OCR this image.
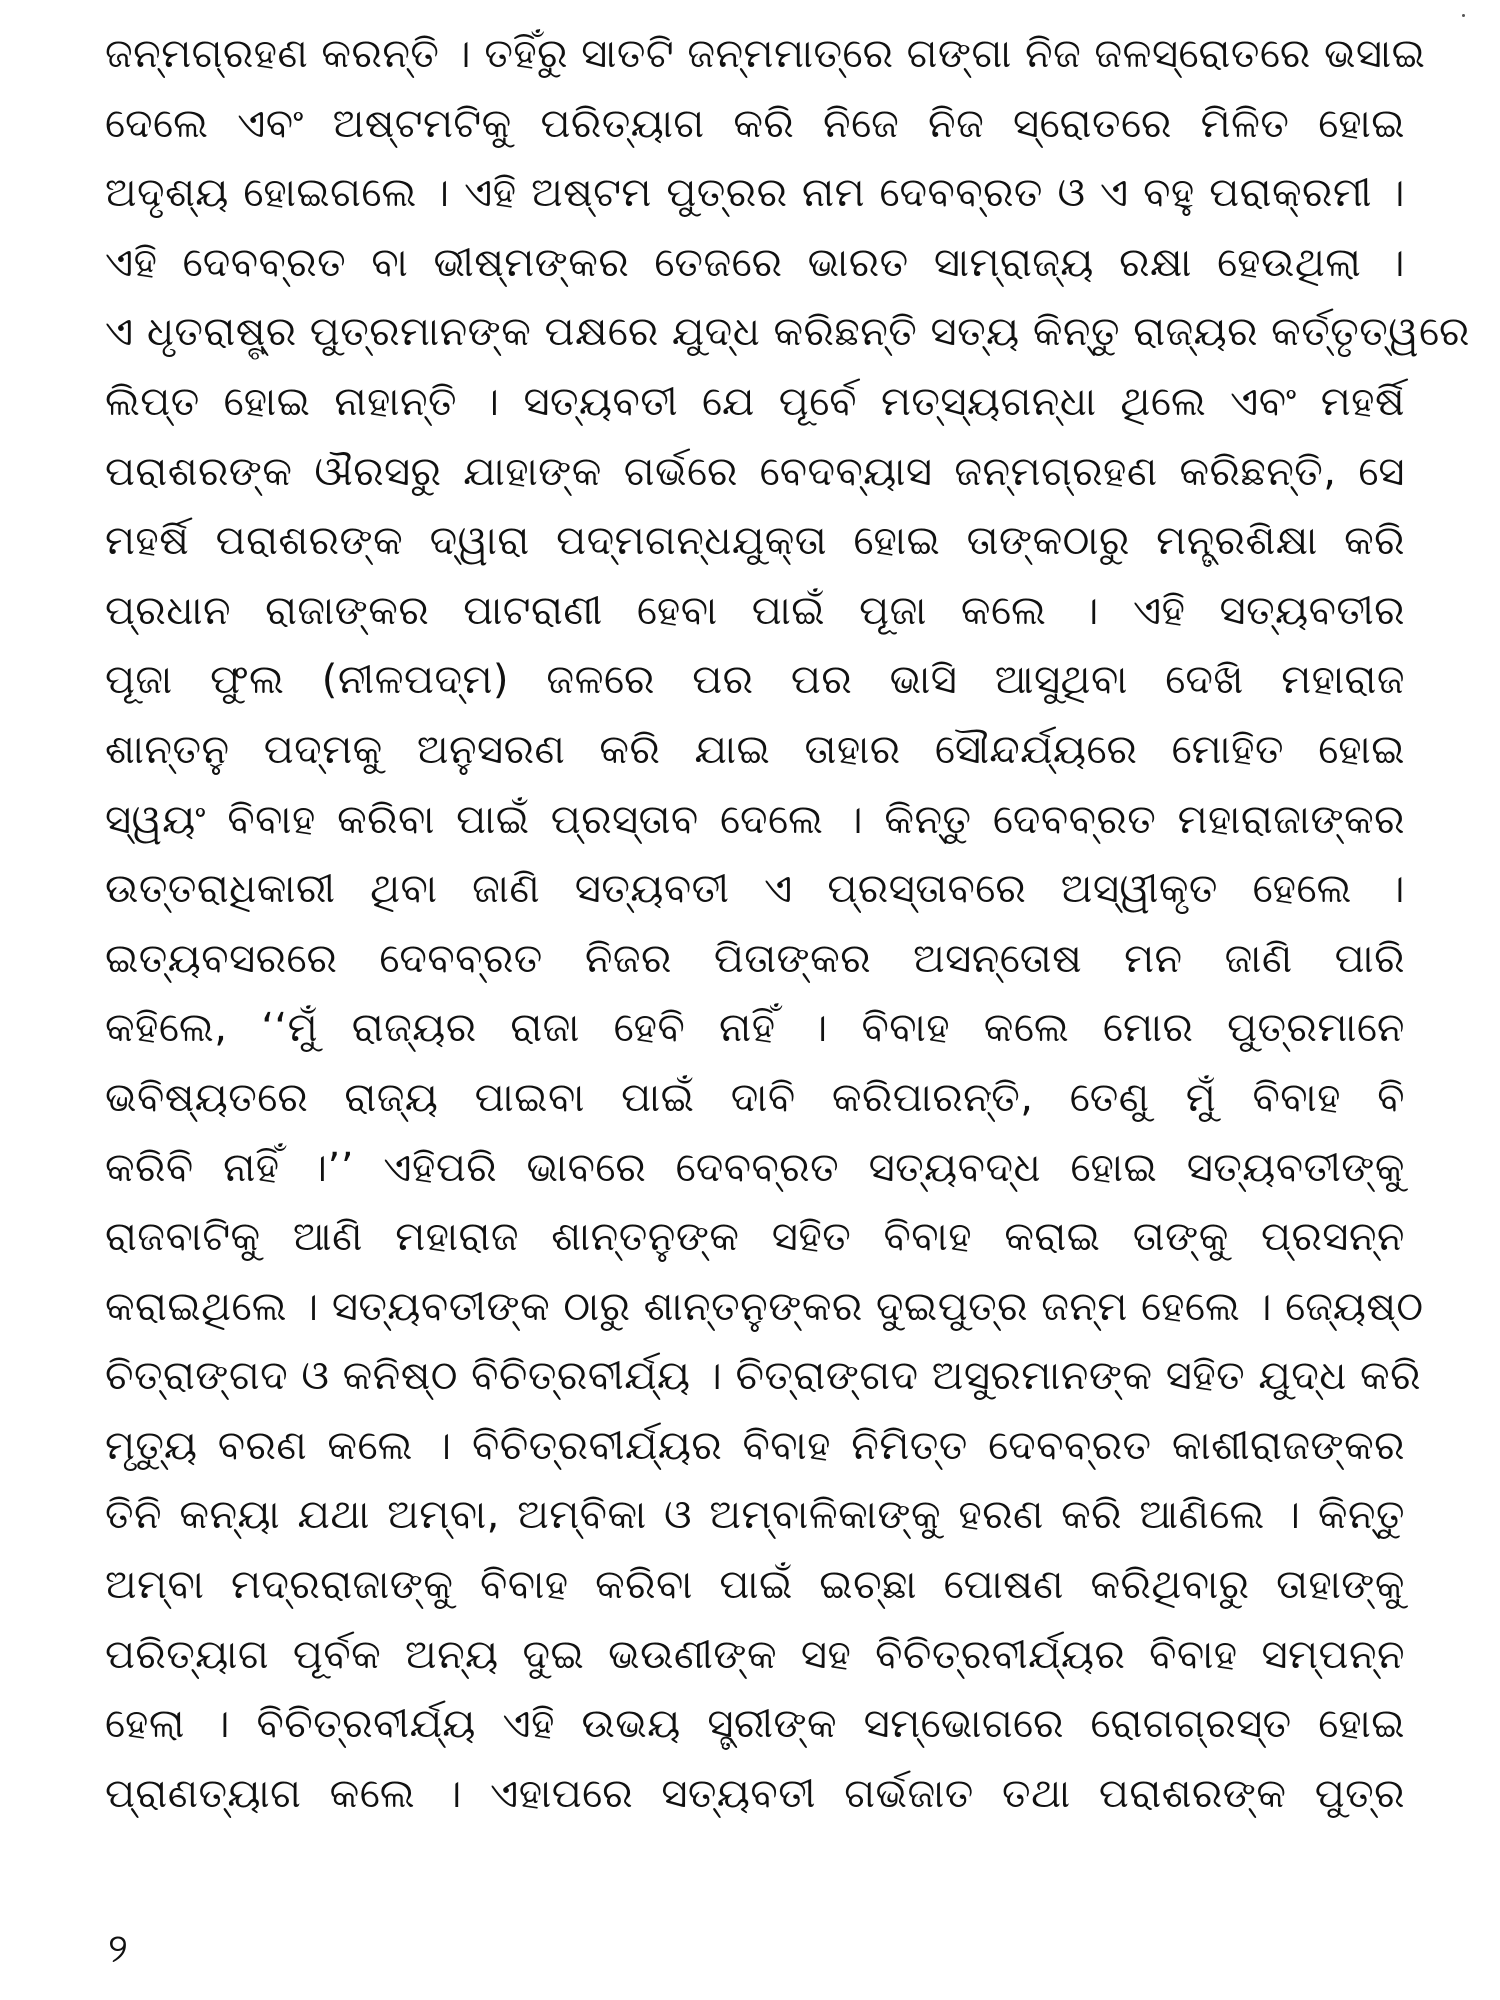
ଜନ୍ମଗ୍ରହଣ କରନ୍ତି । ତହିଁରୁ ସାତଟି ଜନ୍ମମାତ୍ରେ ଗଙ୍ଗା ନିଜ ଜଳସ୍ରୋତରେ ଭସାଇ
ଦେଲେ ଏବଂ ଅଷ୍ଟମଟିକୁ ପରିତ୍ୟାଗ କରି ନିଜେ ନିଜ ସ୍ରୋତରେ ମିଳିତ ହୋଇ
ଅଦୃଶ୍ୟ ହୋଇଗଲେ । ଏହି ଅଷ୍ଟମ ପୁତ୍ରର ନାମ ଦେବବ୍ରତ ଓ ଏ ବହୁ ପରାକ୍ରମୀ ।
ଏହି ଦେବବ୍ରତ ବା ଭୀଷ୍ମଙ୍କର ତେଜରେ ଭାରତ ସାମ୍ରାଜ୍ୟ ରକ୍ଷା ହେଉଥିଲା ।
ଏ ଧୃତରାଷ୍ଟ୍ର ପୁତ୍ରମାନଙ୍କ ପକ୍ଷରେ ଯୁଦ୍ଧ କରିଛନ୍ତି ସତ୍ୟ କିନ୍ତୁ ରାଜ୍ୟର କର୍ତ୍ତୃତ୍ୱରେ
ଲିପ୍ତ ହୋଇ ନାହାନ୍ତି । ସତ୍ୟବତୀ ଯେ ପୂର୍ବେ ମତ୍ସ୍ୟଗନ୍ଧା ଥିଲେ ଏବଂ ମହର୍ଷି
ପରାଶରଙ୍କ ଔରସରୁ ଯାହାଙ୍କ ଗର୍ଭରେ ବେଦବ୍ୟାସ ଜନ୍ମଗ୍ରହଣ କରିଛନ୍ତି, ସେ
ମହର୍ଷି ପରାଶରଙ୍କ ଦ୍ୱାରା ପଦ୍ମଗନ୍ଧଯୁକ୍ତା ହୋଇ ତାଙ୍କଠାରୁ ମନ୍ତ୍ରଶିକ୍ଷା କରି
ପ୍ରଧାନ ରାଜାଙ୍କର ପାଟରାଣୀ ହେବା ପାଇଁ ପୂଜା କଲେ । ଏହି ସତ୍ୟବତୀର
ପୂଜା ଫୁଲ (ନୀଳପଦ୍ମ) ଜଳରେ ପର ପର ଭାସି ଆସୁଥିବା ଦେଖି ମହାରାଜ
ଶାନ୍ତନୁ ପଦ୍ମକୁ ଅନୁସରଣ କରି ଯାଇ ତାହାର ସୌନ୍ଦର୍ଯ୍ୟରେ ମୋହିତ ହୋଇ
ସ୍ୱୟଂ ବିବାହ କରିବା ପାଇଁ ପ୍ରସ୍ତାବ ଦେଲେ । କିନ୍ତୁ ଦେବବ୍ରତ ମହାରାଜାଙ୍କର
ଉତ୍ତରାଧିକାରୀ ଥିବା ଜାଣି ସତ୍ୟବତୀ ଏ ପ୍ରସ୍ତାବରେ ଅସ୍ୱୀକୃତ ହେଲେ ।
ଇତ୍ୟବସରରେ ଦେବବ୍ରତ ନିଜର ପିତାଙ୍କର ଅସନ୍ତୋଷ ମନ ଜାଣି ପାରି
କହିଲେ, ‘‘ମୁଁ ରାଜ୍ୟର ରାଜା ହେବି ନାହିଁ । ବିବାହ କଲେ ମୋର ପୁତ୍ରମାନେ
ଭବିଷ୍ୟତରେ ରାଜ୍ୟ ପାଇବା ପାଇଁ ଦାବି କରିପାରନ୍ତି, ତେଣୁ ମୁଁ ବିବାହ ବି
କରିବି ନାହିଁ ।’’ ଏହିପରି ଭାବରେ ଦେବବ୍ରତ ସତ୍ୟବଦ୍ଧ ହୋଇ ସତ୍ୟବତୀଙ୍କୁ
ରାଜବାଟିକୁ ଆଣି ମହାରାଜ ଶାନ୍ତନୁଙ୍କ ସହିତ ବିବାହ କରାଇ ତାଙ୍କୁ ପ୍ରସନ୍ନ
କରାଇଥିଲେ । ସତ୍ୟବତୀଙ୍କ ଠାରୁ ଶାନ୍ତନୁଙ୍କର ଦୁଇପୁତ୍ର ଜନ୍ମ ହେଲେ । ଜ୍ୟେଷ୍ଠ
ଚିତ୍ରାଙ୍ଗଦ ଓ କନିଷ୍ଠ ବିଚିତ୍ରବୀର୍ଯ୍ୟ । ଚିତ୍ରାଙ୍ଗଦ ଅସୁରମାନଙ୍କ ସହିତ ଯୁଦ୍ଧ କରି
ମୃତ୍ୟୁ ବରଣ କଲେ । ବିଚିତ୍ରବୀର୍ଯ୍ୟର ବିବାହ ନିମିତ୍ତ ଦେବବ୍ରତ କାଶୀରାଜଙ୍କର
ତିନି କନ୍ୟା ଯଥା ଅମ୍ବା, ଅମ୍ବିକା ଓ ଅମ୍ବାଳିକାଙ୍କୁ ହରଣ କରି ଆଣିଲେ । କିନ୍ତୁ
ଅମ୍ବା ମଦ୍ରରାଜାଙ୍କୁ ବିବାହ କରିବା ପାଇଁ ଇଚ୍ଛା ପୋଷଣ କରିଥିବାରୁ ତାହାଙ୍କୁ
ପରିତ୍ୟାଗ ପୂର୍ବକ ଅନ୍ୟ ଦୁଇ ଭଉଣୀଙ୍କ ସହ ବିଚିତ୍ରବୀର୍ଯ୍ୟର ବିବାହ ସମ୍ପନ୍ନ
ହେଲା । ବିଚିତ୍ରବୀର୍ଯ୍ୟ ଏହି ଉଭୟ ସ୍ତ୍ରୀଙ୍କ ସମ୍ଭୋଗରେ ରୋଗଗ୍ରସ୍ତ ହୋଇ
ପ୍ରାଣତ୍ୟାଗ କଲେ । ଏହାପରେ ସତ୍ୟବତୀ ଗର୍ଭଜାତ ତଥା ପରାଶରଙ୍କ ପୁତ୍ର
୨
